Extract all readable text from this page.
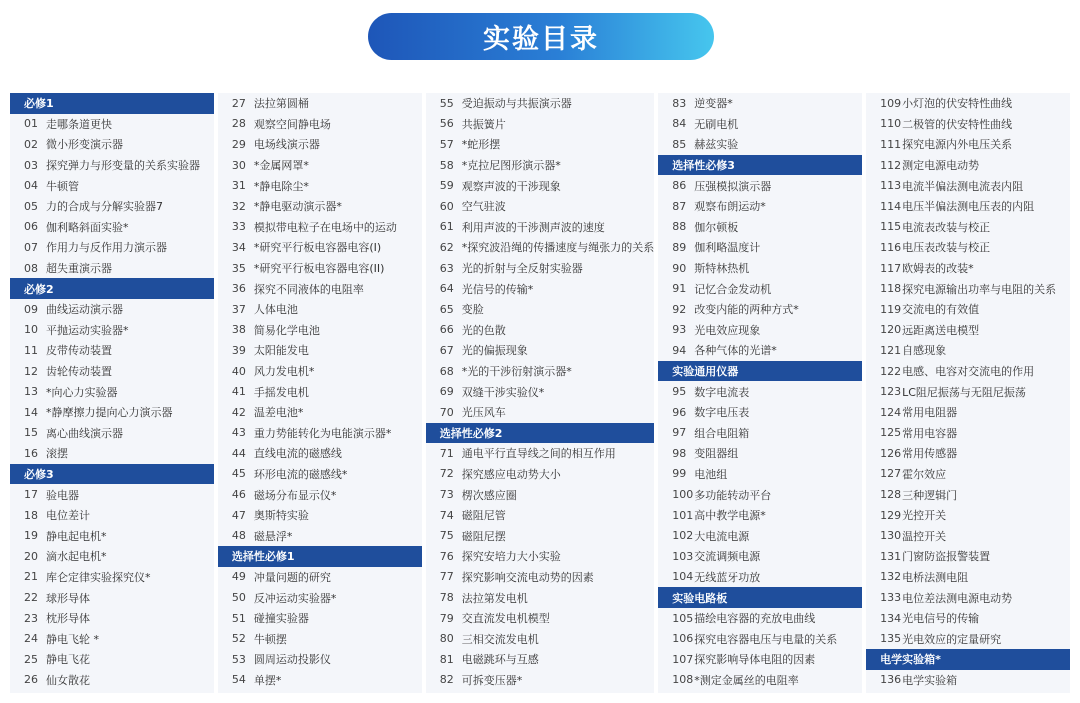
实验目录
必修1
01 走哪条道更快
02 微小形变演示器
03 探究弹力与形变量的关系实验器
04 牛顿管
05 力的合成与分解实验器7
06 伽利略斜面实验*
07 作用力与反作用力演示器
08 超失重演示器
必修2
09 曲线运动演示器
10 平抛运动实验器*
11 皮带传动装置
12 齿轮传动装置
13 *向心力实验器
14 *静摩擦力提向心力演示器
15 离心曲线演示器
16 滚摆
必修3
17 验电器
18 电位差计
19 静电起电机*
20 滴水起电机*
21 库仑定律实验探究仪*
22 球形导体
23 枕形导体
24 静电飞轮 *
25 静电飞花
26 仙女散花
27 法拉第圆桶
28 观察空间静电场
29 电场线演示器
30 *金属网罩*
31 *静电除尘*
32 *静电驱动演示器*
33 模拟带电粒子在电场中的运动
34 *研究平行板电容器电容(I)
35 *研究平行板电容器电容(II)
36 探究不同液体的电阻率
37 人体电池
38 简易化学电池
39 太阳能发电
40 风力发电机*
41 手摇发电机
42 温差电池*
43 重力势能转化为电能演示器*
44 直线电流的磁感线
45 环形电流的磁感线*
46 磁场分布显示仪*
47 奥斯特实验
48 磁悬浮*
选择性必修1
49 冲量问题的研究
50 反冲运动实验器*
51 碰撞实验器
52 牛顿摆
53 圆周运动投影仪
54 单摆*
55 受迫振动与共振演示器
56 共振簧片
57 *蛇形摆
58 *克拉尼图形演示器*
59 观察声波的干涉现象
60 空气驻波
61 利用声波的干涉测声波的速度
62 *探究波沿绳的传播速度与绳张力的关系
63 光的折射与全反射实验器
64 光信号的传输*
65 变脸
66 光的色散
67 光的偏振现象
68 *光的干涉衍射演示器*
69 双缝干涉实验仪*
70 光压风车
选择性必修2
71 通电平行直导线之间的相互作用
72 探究感应电动势大小
73 楞次感应圈
74 磁阻尼管
75 磁阻尼摆
76 探究安培力大小实验
77 探究影响交流电动势的因素
78 法拉第发电机
79 交直流发电机模型
80 三相交流发电机
81 电磁跳环与互感
82 可拆变压器*
83 逆变器*
84 无刷电机
85 赫兹实验
选择性必修3
86 压强模拟演示器
87 观察布朗运动*
88 伽尔顿板
89 伽利略温度计
90 斯特林热机
91 记忆合金发动机
92 改变内能的两种方式*
93 光电效应现象
94 各种气体的光谱*
实验通用仪器
95 数字电流表
96 数字电压表
97 组合电阻箱
98 变阻器组
99 电池组
100 多功能转动平台
101 高中教学电源*
102 大电流电源
103 交流调频电源
104 无线蓝牙功放
实验电路板
105 描绘电容器的充放电曲线
106 探究电容器电压与电量的关系
107 探究影响导体电阻的因素
108 *测定金属丝的电阻率
109 小灯泡的伏安特性曲线
110 二极管的伏安特性曲线
111 探究电源内外电压关系
112 测定电源电动势
113 电流半偏法测电流表内阻
114 电压半偏法测电压表的内阻
115 电流表改装与校正
116 电压表改装与校正
117 欧姆表的改装*
118 探究电源输出功率与电阻的关系
119 交流电的有效值
120 远距离送电模型
121 自感现象
122 电感、电容对交流电的作用
123 LC阻尼振荡与无阻尼振荡
124 常用电阻器
125 常用电容器
126 常用传感器
127 霍尔效应
128 三种逻辑门
129 光控开关
130 温控开关
131 门窗防盗报警装置
132 电桥法测电阻
133 电位差法测电源电动势
134 光电信号的传输
135 光电效应的定量研究
电学实验箱*
136 电学实验箱
